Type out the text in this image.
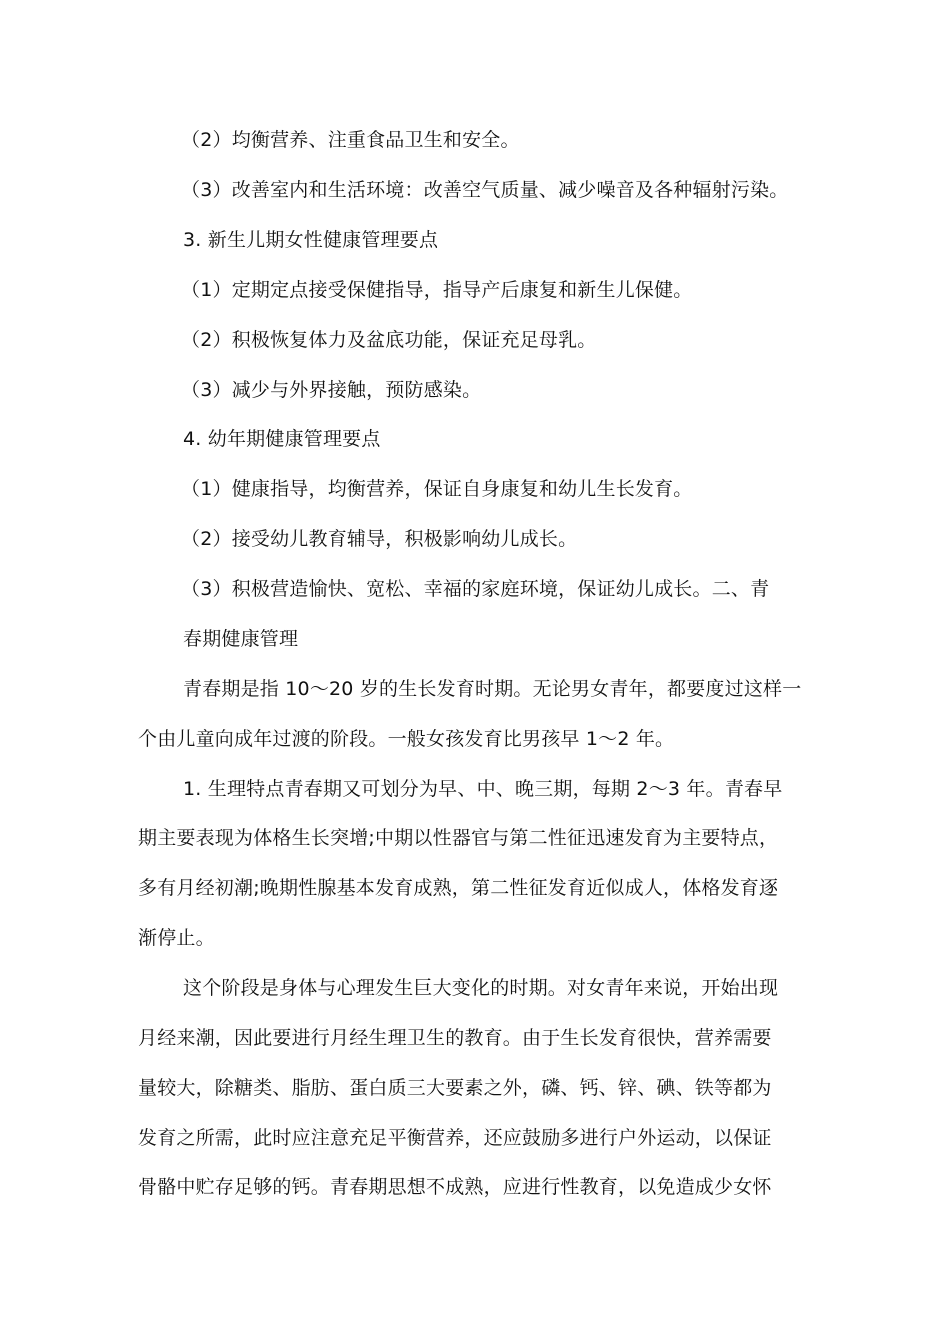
（2）均衡营养、注重食品卫生和安全。
（3）改善室内和生活环境：改善空气质量、减少噪音及各种辐射污染。
3. 新生儿期女性健康管理要点
（1）定期定点接受保健指导，指导产后康复和新生儿保健。
（2）积极恢复体力及盆底功能，保证充足母乳。
（3）减少与外界接触，预防感染。
4. 幼年期健康管理要点
（1）健康指导，均衡营养，保证自身康复和幼儿生长发育。
（2）接受幼儿教育辅导，积极影响幼儿成长。
（3）积极营造愉快、宽松、幸福的家庭环境，保证幼儿成长。二、青
春期健康管理
青春期是指 10～20 岁的生长发育时期。无论男女青年，都要度过这样一
个由儿童向成年过渡的阶段。一般女孩发育比男孩早 1～2 年。
1. 生理特点青春期又可划分为早、中、晚三期，每期 2～3 年。青春早
期主要表现为体格生长突增;中期以性器官与第二性征迅速发育为主要特点，
多有月经初潮;晚期性腺基本发育成熟，第二性征发育近似成人，体格发育逐
渐停止。
这个阶段是身体与心理发生巨大变化的时期。对女青年来说，开始出现
月经来潮，因此要进行月经生理卫生的教育。由于生长发育很快，营养需要
量较大，除糖类、脂肪、蛋白质三大要素之外，磷、钙、锌、碘、铁等都为
发育之所需，此时应注意充足平衡营养，还应鼓励多进行户外运动，以保证
骨骼中贮存足够的钙。青春期思想不成熟，应进行性教育，以免造成少女怀
